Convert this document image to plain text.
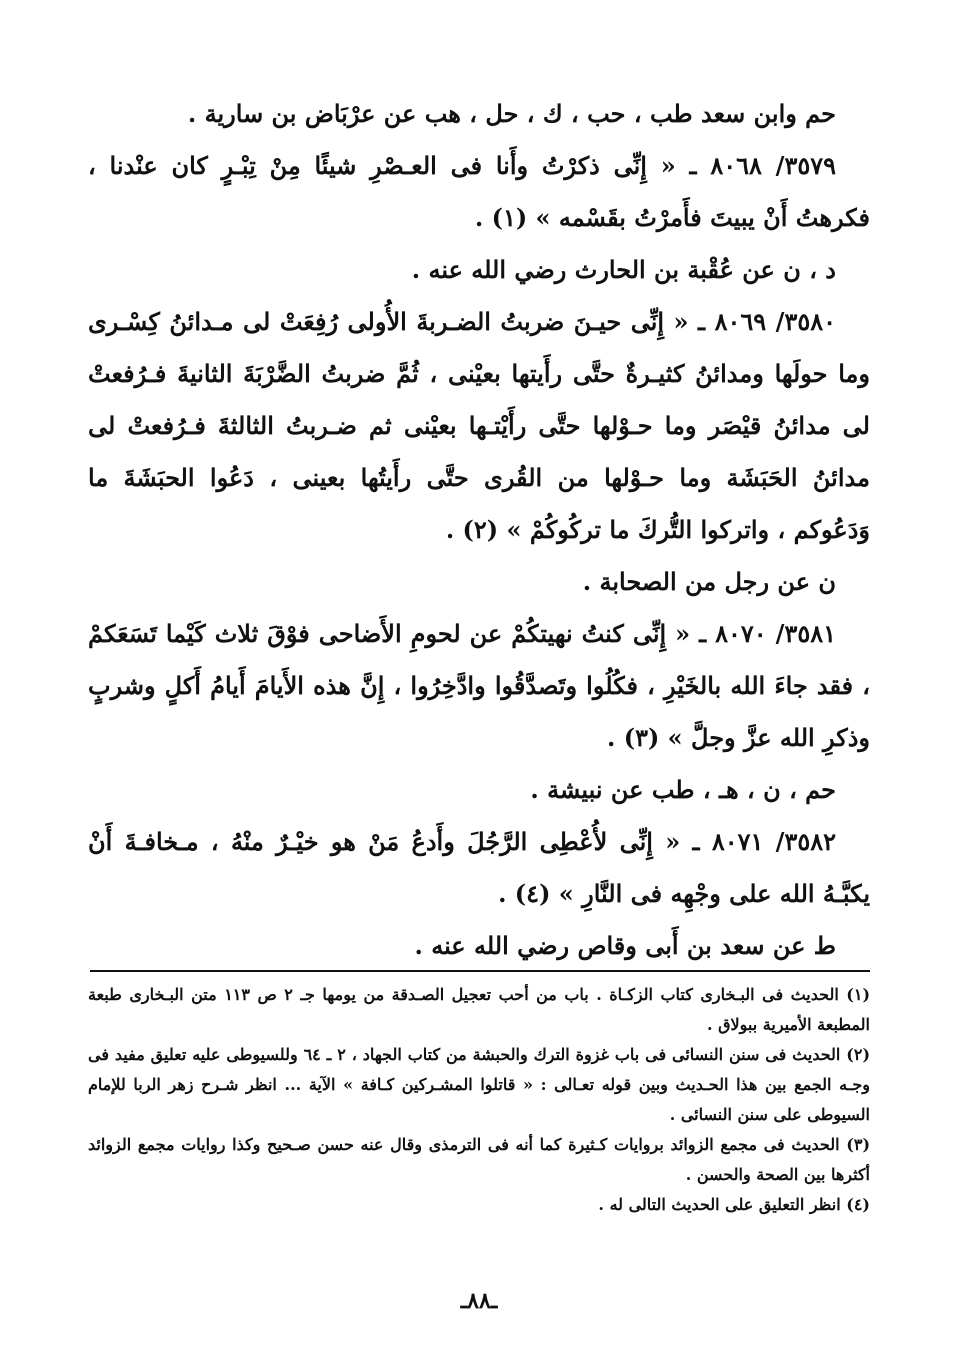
حم وابن سعد طب ، حب ، ك ، حل ، هب عن عرْبَاض بن سارية .

٣٥٧٩/ ٨٠٦٨ ـ « إِنِّى ذكرْتُ وأَنا فى العـصْرِ شيئًا مِنْ تِبْـرٍ كان عنْدنا ، فكرهتُ أَنْ يبيتَ فأَمرْتُ بقَسْمه » (١) .

د ، ن عن عُقْبة بن الحارث رضي الله عنه .

٣٥٨٠/ ٨٠٦٩ ـ « إِنِّى حيـنَ ضربتُ الضـربةَ الأُولى رُفِعَتْ لى مـدائنُ كِسْـرى وما حولَها ومدائنُ كثيـرةٌ حتَّى رأَيتها بعيْنى ، ثُمَّ ضربتُ الضَّرْبَةَ الثانيةَ فـرُفعتْ لى مدائنُ قيْصَر وما حـوْلها حتَّى رأَيْتـها بعيْنى ثم ضـربتُ الثالثةَ فـرُفعتْ لى مدائنُ الحَبَشَة وما حـوْلها من القُرى حتَّى رأَيتُها بعينى ، دَعُوا الحبَشَةَ ما وَدَعُوكم ، واتركوا التُّركَ ما تركُوكُمْ » (٢) .

ن عن رجل من الصحابة .

٣٥٨١/ ٨٠٧٠ ـ « إِنِّى كنتُ نهيتكُمْ عن لحومِ الأَضاحى فوْقَ ثلاث كَيْما تَسَعَكمْ ، فقد جاءَ الله بالخَيْرِ ، فكُلُوا وتَصدَّقُوا وادَّخِرُوا ، إِنَّ هذه الأَيامَ أَيامُ أَكلٍ وشربٍ وذكرِ الله عزَّ وجلَّ » (٣) .

حم ، ن ، هـ ، طب عن نبيشة .

٣٥٨٢/ ٨٠٧١ ـ « إِنِّى لأُعْطِى الرَّجُلَ وأَدعُ مَنْ هو خيْـرٌ منْهُ ، مـخافـةَ أَنْ يكبَّـهُ الله على وجْهِه فى النَّارِ » (٤) .

ط عن سعد بن أَبى وقاص رضي الله عنه .

(١) الحديث فى البـخارى كتاب الزكـاة . باب من أحب تعجيل الصـدقة من يومها جـ ٢ ص ١١٣ متن البـخارى طبعة المطبعة الأميرية ببولاق .

(٢) الحديث فى سنن النسائى فى باب غزوة الترك والحبشة من كتاب الجهاد ، ٢ ـ ٦٤ وللسيوطى عليه تعليق مفيد فى وجـه الجمع بين هذا الحـديث وبين قوله تعـالى : « قاتلوا المشـركين كـافة » الآية ... انظر شـرح زهر الربا للإمام السيوطى على سنن النسائى .

(٣) الحديث فى مجمع الزوائد بروايات كـثيرة كما أنه فى الترمذى وقال عنه حسن صـحيح وكذا روايات مجمع الزوائد أكثرها بين الصحة والحسن .

(٤) انظر التعليق على الحديث التالى له .

ـ٨٨ـ
